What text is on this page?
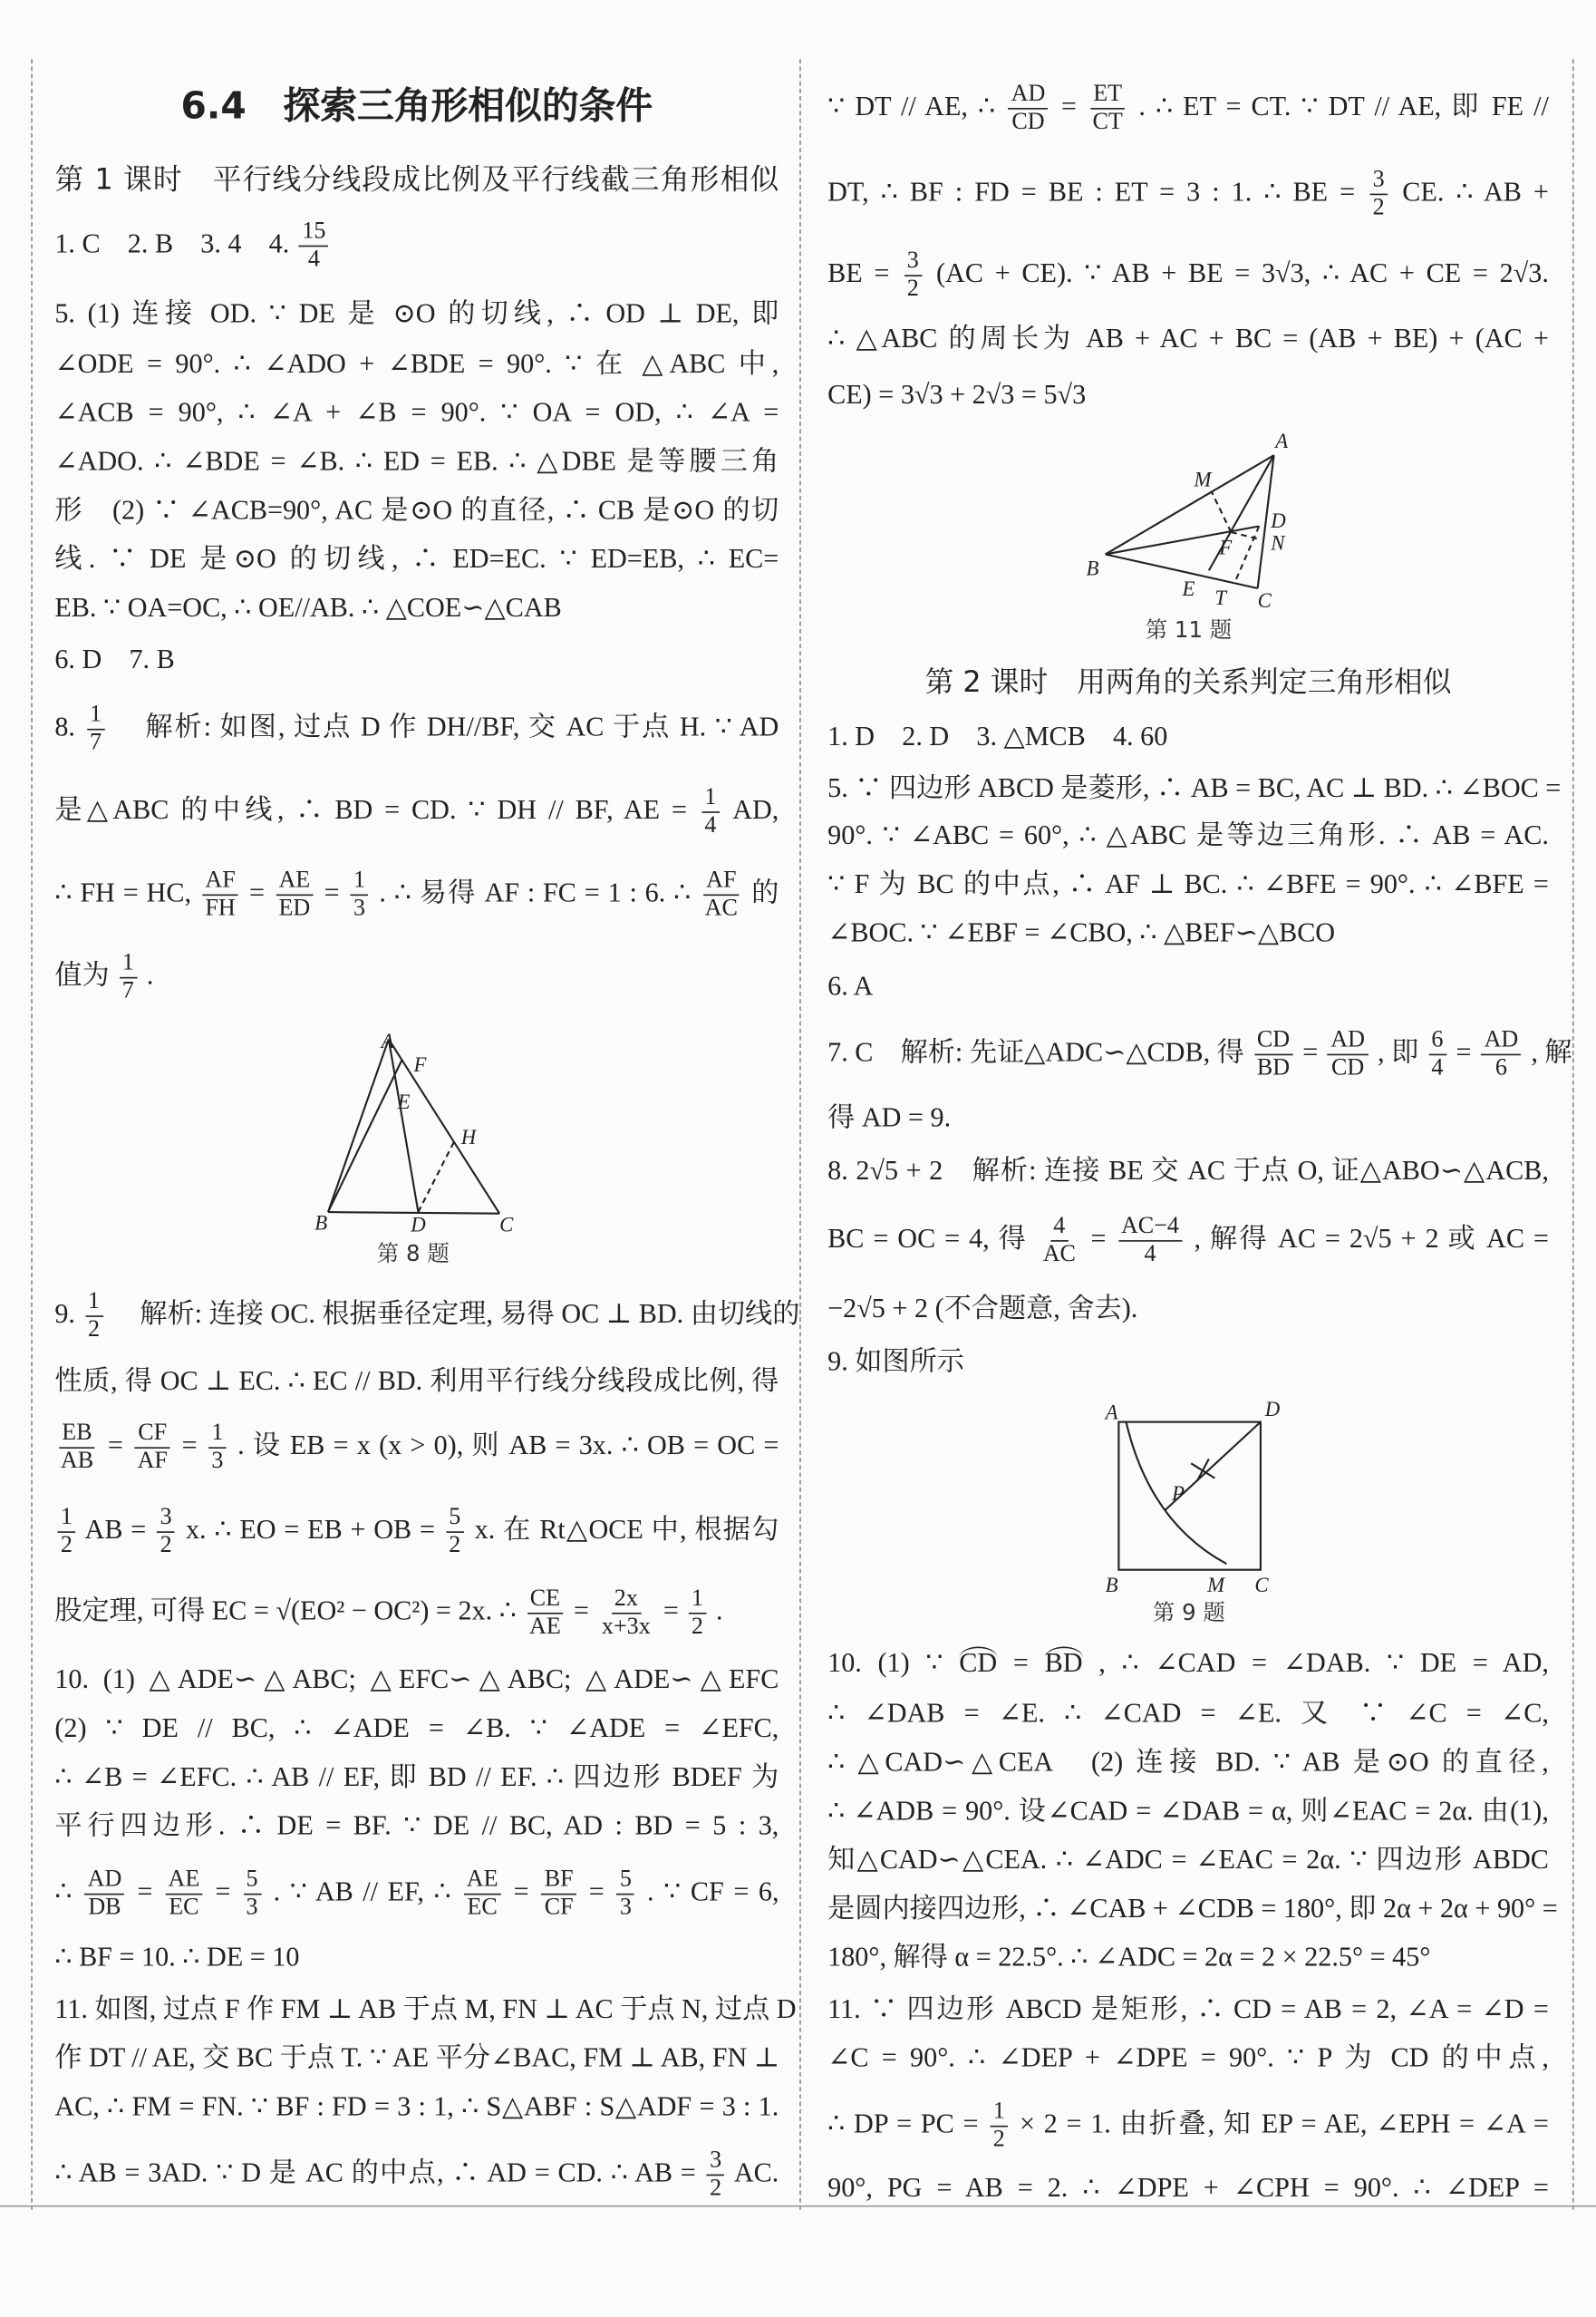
6.4　探索三角形相似的条件
第 1 课时　平行线分线段成比例及平行线截三角形相似
第 2 课时　用两角的关系判定三角形相似
1. C　2. B　3. 4　4. $\frac{15}{4}$
5. (1) 连接 OD. ∵ DE 是 ⊙O 的切线, ∴ OD ⊥ DE, 即
∠ODE = 90°. ∴ ∠ADO + ∠BDE = 90°. ∵ 在 △ABC 中,
∠ACB = 90°, ∴ ∠A + ∠B = 90°. ∵ OA = OD, ∴ ∠A =
∠ADO. ∴ ∠BDE = ∠B. ∴ ED = EB. ∴ △DBE 是等腰三角
形　(2) ∵ ∠ACB=90°, AC 是⊙O 的直径, ∴ CB 是⊙O 的切
线. ∵ DE 是⊙O 的切线, ∴ ED=EC. ∵ ED=EB, ∴ EC=
EB. ∵ OA=OC, ∴ OE//AB. ∴ △COE∽△CAB
6. D　7. B
8. $\frac{1}{7}$ 　解析: 如图, 过点 D 作 DH//BF, 交 AC 于点 H. ∵ AD
是△ABC 的中线, ∴ BD = CD. ∵ DH // BF, AE = $\frac{1}{4}$ AD,
∴ FH = HC, $\frac{AF}{FH} = \frac{AE}{ED} = \frac{1}{3}$ . ∴ 易得 AF : FC = 1 : 6. ∴ $\frac{AF}{AC}$ 的
值为 $\frac{1}{7}$ .
9. $\frac{1}{2}$ 　解析: 连接 OC. 根据垂径定理, 易得 OC ⊥ BD. 由切线的
性质, 得 OC ⊥ EC. ∴ EC // BD. 利用平行线分线段成比例, 得
$\frac{EB}{AB} = \frac{CF}{AF} = \frac{1}{3}$ . 设 EB = x (x > 0), 则 AB = 3x. ∴ OB = OC =
$\frac{1}{2}$ AB = $\frac{3}{2} x$. ∴ EO = EB + OB = $\frac{5}{2} x$. 在 Rt△OCE 中, 根据勾
股定理, 可得 EC = √(EO² − OC²) = 2x. ∴ $\frac{CE}{AE} = \frac{2x}{x+3x} = \frac{1}{2}$ .
10. (1) △ADE∽△ABC; △EFC∽△ABC; △ADE∽△EFC
(2) ∵ DE // BC, ∴ ∠ADE = ∠B. ∵ ∠ADE = ∠EFC,
∴ ∠B = ∠EFC. ∴ AB // EF, 即 BD // EF. ∴ 四边形 BDEF 为
平行四边形. ∴ DE = BF. ∵ DE // BC, AD : BD = 5 : 3,
∴ $\frac{AD}{DB} = \frac{AE}{EC} = \frac{5}{3}$ . ∵ AB // EF, ∴ $\frac{AE}{EC} = \frac{BF}{CF} = \frac{5}{3}$ . ∵ CF = 6,
∴ BF = 10. ∴ DE = 10
11. 如图, 过点 F 作 FM ⊥ AB 于点 M, FN ⊥ AC 于点 N, 过点 D
作 DT // AE, 交 BC 于点 T. ∵ AE 平分∠BAC, FM ⊥ AB, FN ⊥
AC, ∴ FM = FN. ∵ BF : FD = 3 : 1, ∴ S△ABF : S△ADF = 3 : 1.
∴ AB = 3AD. ∵ D 是 AC 的中点, ∴ AD = CD. ∴ AB = $\frac{3}{2}$ AC.
∵ DT // AE, ∴ $\frac{AD}{CD} = \frac{ET}{CT}$ . ∴ ET = CT. ∵ DT // AE, 即 FE //
DT, ∴ BF : FD = BE : ET = 3 : 1. ∴ BE = $\frac{3}{2}$ CE. ∴ AB +
BE = $\frac{3}{2} (AC + CE)$. ∵ AB + BE = 3√3, ∴ AC + CE = 2√3.
∴ △ABC 的周长为 AB + AC + BC = (AB + BE) + (AC +
CE) = 3√3 + 2√3 = 5√3
1. D　2. D　3. △MCB　4. 60
5. ∵ 四边形 ABCD 是菱形, ∴ AB = BC, AC ⊥ BD. ∴ ∠BOC =
90°. ∵ ∠ABC = 60°, ∴ △ABC 是等边三角形. ∴ AB = AC.
∵ F 为 BC 的中点, ∴ AF ⊥ BC. ∴ ∠BFE = 90°. ∴ ∠BFE =
∠BOC. ∵ ∠EBF = ∠CBO, ∴ △BEF∽△BCO
6. A
7. C　解析: 先证△ADC∽△CDB, 得 $\frac{CD}{BD} = \frac{AD}{CD}$ , 即 $\frac{6}{4} = \frac{AD}{6}$ , 解
得 AD = 9.
8. 2√5 + 2　解析: 连接 BE 交 AC 于点 O, 证△ABO∽△ACB,
BC = OC = 4, 得 $\frac{4}{AC} = \frac{AC-4}{4}$ , 解得 AC = 2√5 + 2 或 AC =
−2√5 + 2 (不合题意, 舍去).
9. 如图所示
10. (1) ∵ CD = BD , ∴ ∠CAD = ∠DAB. ∵ DE = AD,
∴ ∠DAB = ∠E. ∴ ∠CAD = ∠E. 又 ∵ ∠C = ∠C,
∴ △CAD∽△CEA　(2) 连接 BD. ∵ AB 是⊙O 的直径,
∴ ∠ADB = 90°. 设∠CAD = ∠DAB = α, 则∠EAC = 2α. 由(1),
知△CAD∽△CEA. ∴ ∠ADC = ∠EAC = 2α. ∵ 四边形 ABDC
是圆内接四边形, ∴ ∠CAB + ∠CDB = 180°, 即 2α + 2α + 90° =
180°, 解得 α = 22.5°. ∴ ∠ADC = 2α = 2 × 22.5° = 45°
11. ∵ 四边形 ABCD 是矩形, ∴ CD = AB = 2, ∠A = ∠D =
∠C = 90°. ∴ ∠DEP + ∠DPE = 90°. ∵ P 为 CD 的中点,
∴ DP = PC = $\frac{1}{2} \times 2 = 1$. 由折叠, 知 EP = AE, ∠EPH = ∠A =
90°, PG = AB = 2. ∴ ∠DPE + ∠CPH = 90°. ∴ ∠DEP =
A
F
E
H
B	D	C
第 8 题
A
M
D
N
F
B
E T C
第 11 题
A	D
P
B	M C
第 9 题
